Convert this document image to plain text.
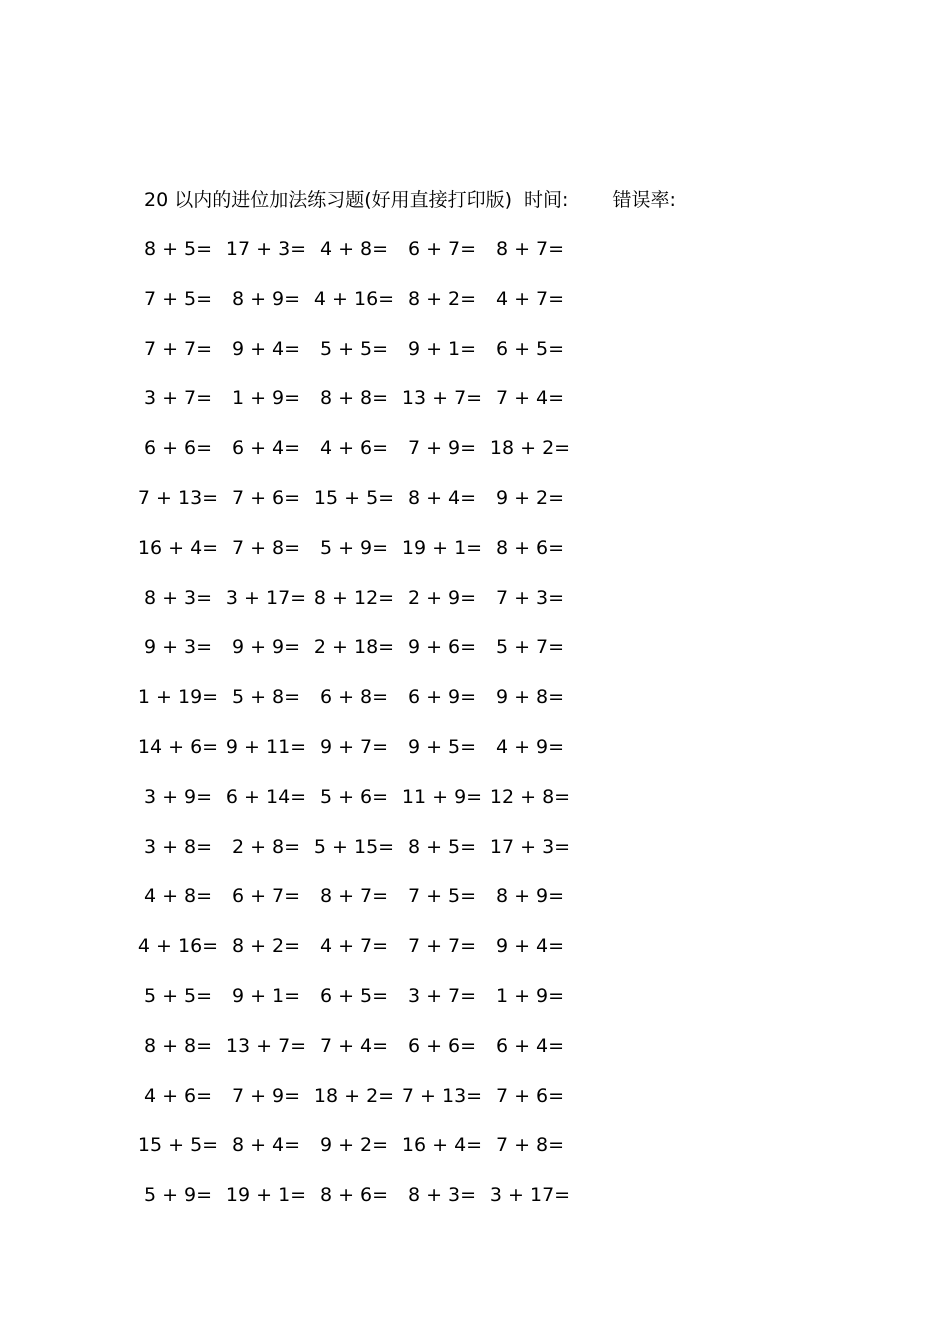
20 以内的进位加法练习题(好用直接打印版) 时间: 错误率:
8 + 5= 17 + 3= 4 + 8=	6 + 7=	8 + 7=
7 + 5=	8 + 9= 4 + 16= 8 + 2=	4 + 7=
7 + 7=	9 + 4=	5 + 5=	9 + 1=	6 + 5=
3 + 7=	1 + 9=	8 + 8= 13 + 7= 7 + 4=
6 + 6=	6 + 4=	4 + 6=	7 + 9= 18 + 2=
7 + 13= 7 + 6= 15 + 5= 8 + 4=	9 + 2=
16 + 4= 7 + 8=	5 + 9= 19 + 1= 8 + 6=
8 + 3= 3 + 17= 8 + 12= 2 + 9=	7 + 3=
9 + 3=	9 + 9= 2 + 18= 9 + 6=	5 + 7=
1 + 19= 5 + 8=	6 + 8=	6 + 9=	9 + 8=
14 + 6= 9 + 11= 9 + 7=	9 + 5=	4 + 9=
3 + 9= 6 + 14= 5 + 6= 11 + 9= 12 + 8=
3 + 8=	2 + 8= 5 + 15= 8 + 5= 17 + 3=
4 + 8=	6 + 7=	8 + 7=	7 + 5=	8 + 9=
4 + 16= 8 + 2=	4 + 7=	7 + 7=	9 + 4=
5 + 5=	9 + 1=	6 + 5=	3 + 7=	1 + 9=
8 + 8= 13 + 7= 7 + 4=	6 + 6=	6 + 4=
4 + 6=	7 + 9= 18 + 2= 7 + 13= 7 + 6=
15 + 5= 8 + 4=	9 + 2= 16 + 4= 7 + 8=
5 + 9= 19 + 1= 8 + 6=	8 + 3= 3 + 17=
